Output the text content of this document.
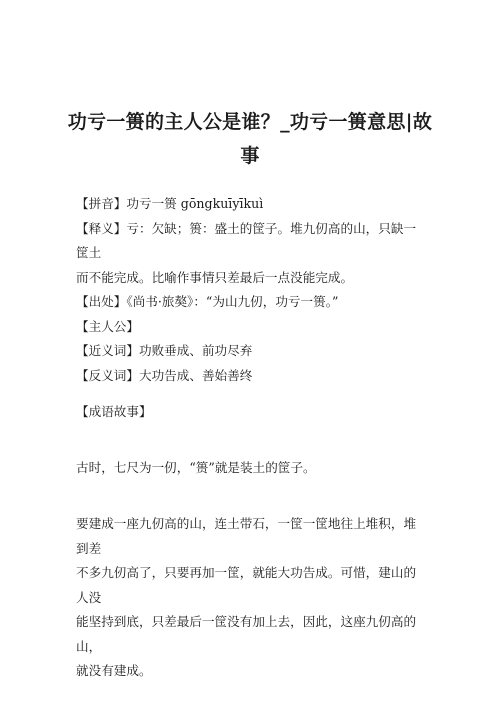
功亏一篑的主人公是谁？_功亏一篑意思|故事

【拼音】功亏一篑 gōngkuīyīkuì

【释义】亏：欠缺；篑：盛土的筐子。堆九仞高的山，只缺一筐土

而不能完成。比喻作事情只差最后一点没能完成。

【出处】《尚书·旅獒》：“为山九仞，功亏一篑。”

【主人公】

【近义词】功败垂成、前功尽弃

【反义词】大功告成、善始善终

【成语故事】

古时，七尺为一仞，“篑”就是装土的筐子。

要建成一座九仞高的山，连土带石，一筐一筐地往上堆积，堆到差
不多九仞高了，只要再加一筐，就能大功告成。可惜，建山的人没
能坚持到底，只差最后一筐没有加上去，因此，这座九仞高的山，
就没有建成。
